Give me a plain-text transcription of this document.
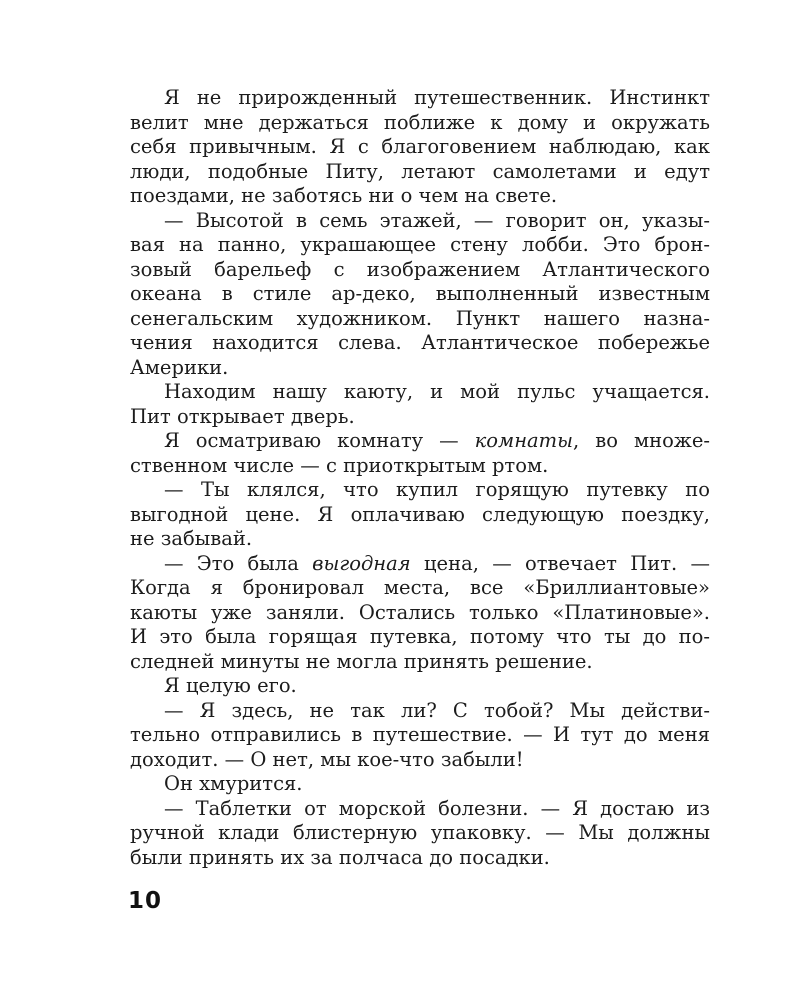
Я не прирожденный путешественник. Инстинкт
велит мне держаться поближе к дому и окружать
себя привычным. Я с благоговением наблюдаю, как
люди, подобные Питу, летают самолетами и едут
поездами, не заботясь ни о чем на свете.
— Высотой в семь этажей, — говорит он, указы-
вая на панно, украшающее стену лобби. Это брон-
зовый барельеф с изображением Атлантического
океана в стиле ар-деко, выполненный известным
сенегальским художником. Пункт нашего назна-
чения находится слева. Атлантическое побережье
Америки.
Находим нашу каюту, и мой пульс учащается.
Пит открывает дверь.
Я осматриваю комнату — комнаты, во множе-
ственном числе — с приоткрытым ртом.
— Ты клялся, что купил горящую путевку по
выгодной цене. Я оплачиваю следующую поездку,
не забывай.
— Это была выгодная цена, — отвечает Пит. —
Когда я бронировал места, все «Бриллиантовые»
каюты уже заняли. Остались только «Платиновые».
И это была горящая путевка, потому что ты до по-
следней минуты не могла принять решение.
Я целую его.
— Я здесь, не так ли? С тобой? Мы действи-
тельно отправились в путешествие. — И тут до меня
доходит. — О нет, мы кое-что забыли!
Он хмурится.
— Таблетки от морской болезни. — Я достаю из
ручной клади блистерную упаковку. — Мы должны
были принять их за полчаса до посадки.
10
